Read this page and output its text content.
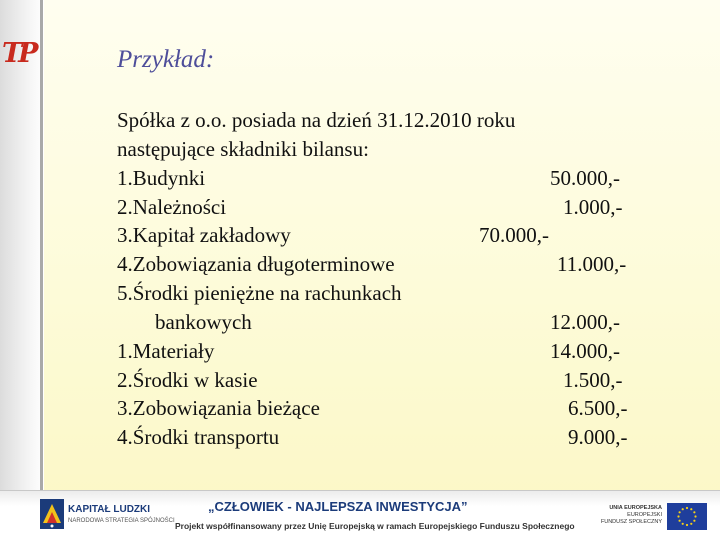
TP	Przykład:
Spółka z o.o. posiada na dzień 31.12.2010 roku
następujące składniki bilansu:
1.Budynki	50.000,-
2.Należności	1.000,-
3.Kapitał zakładowy	70.000,-
4.Zobowiązania długoterminowe	11.000,-
5.Środki pieniężne na rachunkach
bankowych	12.000,-
1.Materiały	14.000,-
2.Środki w kasie	1.500,-
3.Zobowiązania bieżące	6.500,-
4.Środki transportu	9.000,-
KAPITAŁ LUDZKI
NARODOWA STRATEGIA SPÓJNOŚCI
„CZŁOWIEK - NAJLEPSZA INWESTYCJA”
Projekt współfinansowany przez Unię Europejską w ramach Europejskiego Funduszu Społecznego
UNIA EUROPEJSKA
EUROPEJSKI
FUNDUSZ SPOŁECZNY
